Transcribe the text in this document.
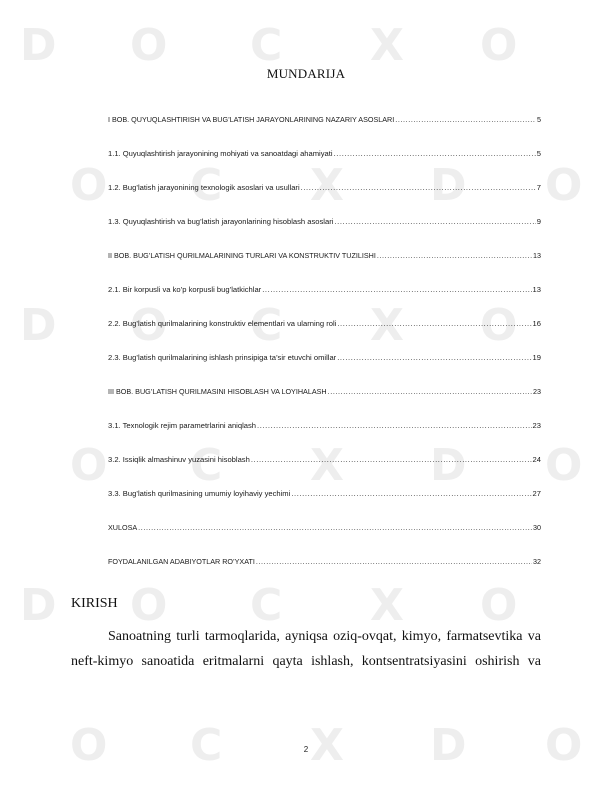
D O C X O
O C X D O
D O C X O
O C X D O
D O C X O
O C X D O
MUNDARIJA
I BOB. QUYUQLASHTIRISH VA BUG’LATISH JARAYONLARINING NAZARIY ASOSLARI .....	5
1.1. Quyuqlashtirish jarayonining mohiyati va sanoatdagi ahamiyati .....	5
1.2. Bug’latish jarayonining texnologik asoslari va usullari .....	7
1.3. Quyuqlashtirish va bug’latish jarayonlarining hisoblash asoslari .....	9
II BOB. BUG’LATISH QURILMALARINING TURLARI VA KONSTRUKTIV TUZILISHI .....	13
2.1. Bir korpusli va ko’p korpusli bug’latkichlar .....	13
2.2. Bug’latish qurilmalarining konstruktiv elementlari va ularning roli .....	16
2.3. Bug’latish qurilmalarining ishlash prinsipiga ta’sir etuvchi omillar .....	19
III BOB. BUG’LATISH QURILMASINI HISOBLASH VA LOYIHALASH .....	23
3.1. Texnologik rejim parametrlarini aniqlash .....	23
3.2. Issiqlik almashinuv yuzasini hisoblash .....	24
3.3. Bug’latish qurilmasining umumiy loyihaviy yechimi .....	27
XULOSA .....	30
FOYDALANILGAN ADABIYOTLAR RO’YXATI .....	32
KIRISH
Sanoatning turli tarmoqlarida, ayniqsa oziq-ovqat, kimyo, farmatsevtika va neft-kimyo sanoatida eritmalarni qayta ishlash, kontsentratsiyasini oshirish va
2
